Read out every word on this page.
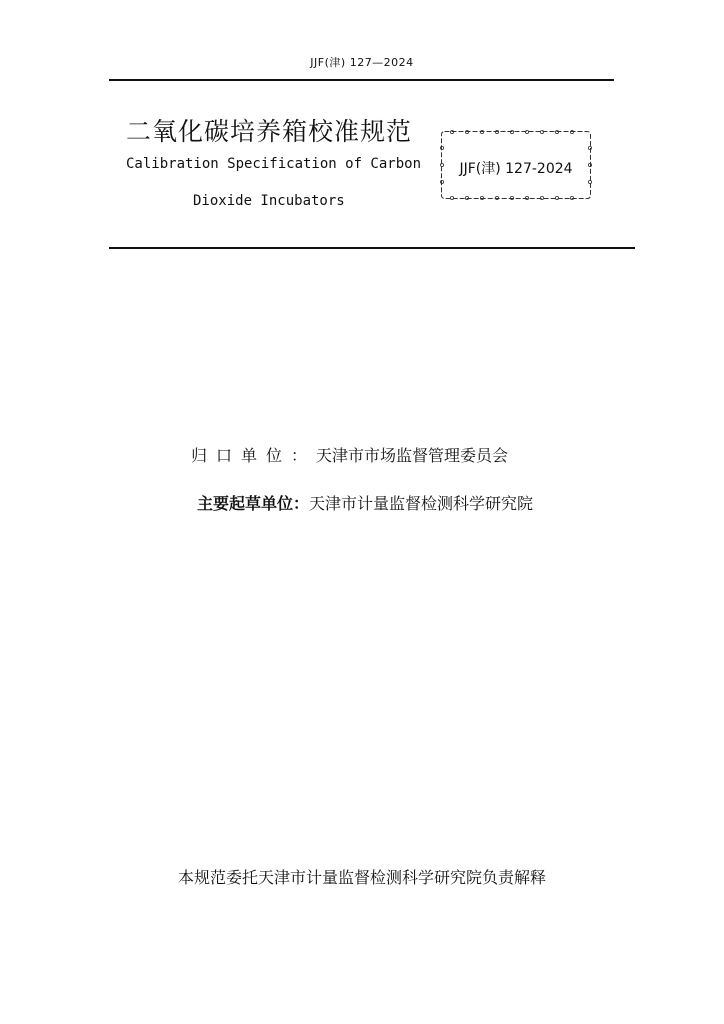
JJF(津) 127—2024
二氧化碳培养箱校准规范
Calibration Specification of Carbon
Dioxide Incubators
JJF(津) 127-2024
归口单位：天津市市场监督管理委员会
主要起草单位：天津市计量监督检测科学研究院
本规范委托天津市计量监督检测科学研究院负责解释
